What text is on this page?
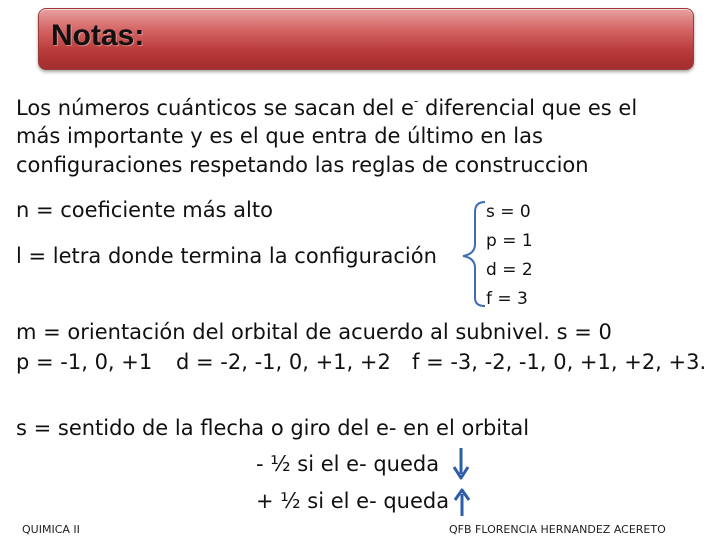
Notas:
Los números cuánticos se sacan del e- diferencial que es el
más importante y es el que entra de último en las
configuraciones respetando las reglas de construccion
n = coeficiente más alto
l = letra donde termina la configuración
s = 0
p = 1
d = 2
f = 3
m = orientación del orbital de acuerdo al subnivel. s = 0
p = -1, 0, +1 d = -2, -1, 0, +1, +2 f = -3, -2, -1, 0, +1, +2, +3.
s = sentido de la flecha o giro del e- en el orbital
- ½ si el e- queda
+ ½ si el e- queda
QUIMICA II	QFB FLORENCIA HERNANDEZ ACERETO
